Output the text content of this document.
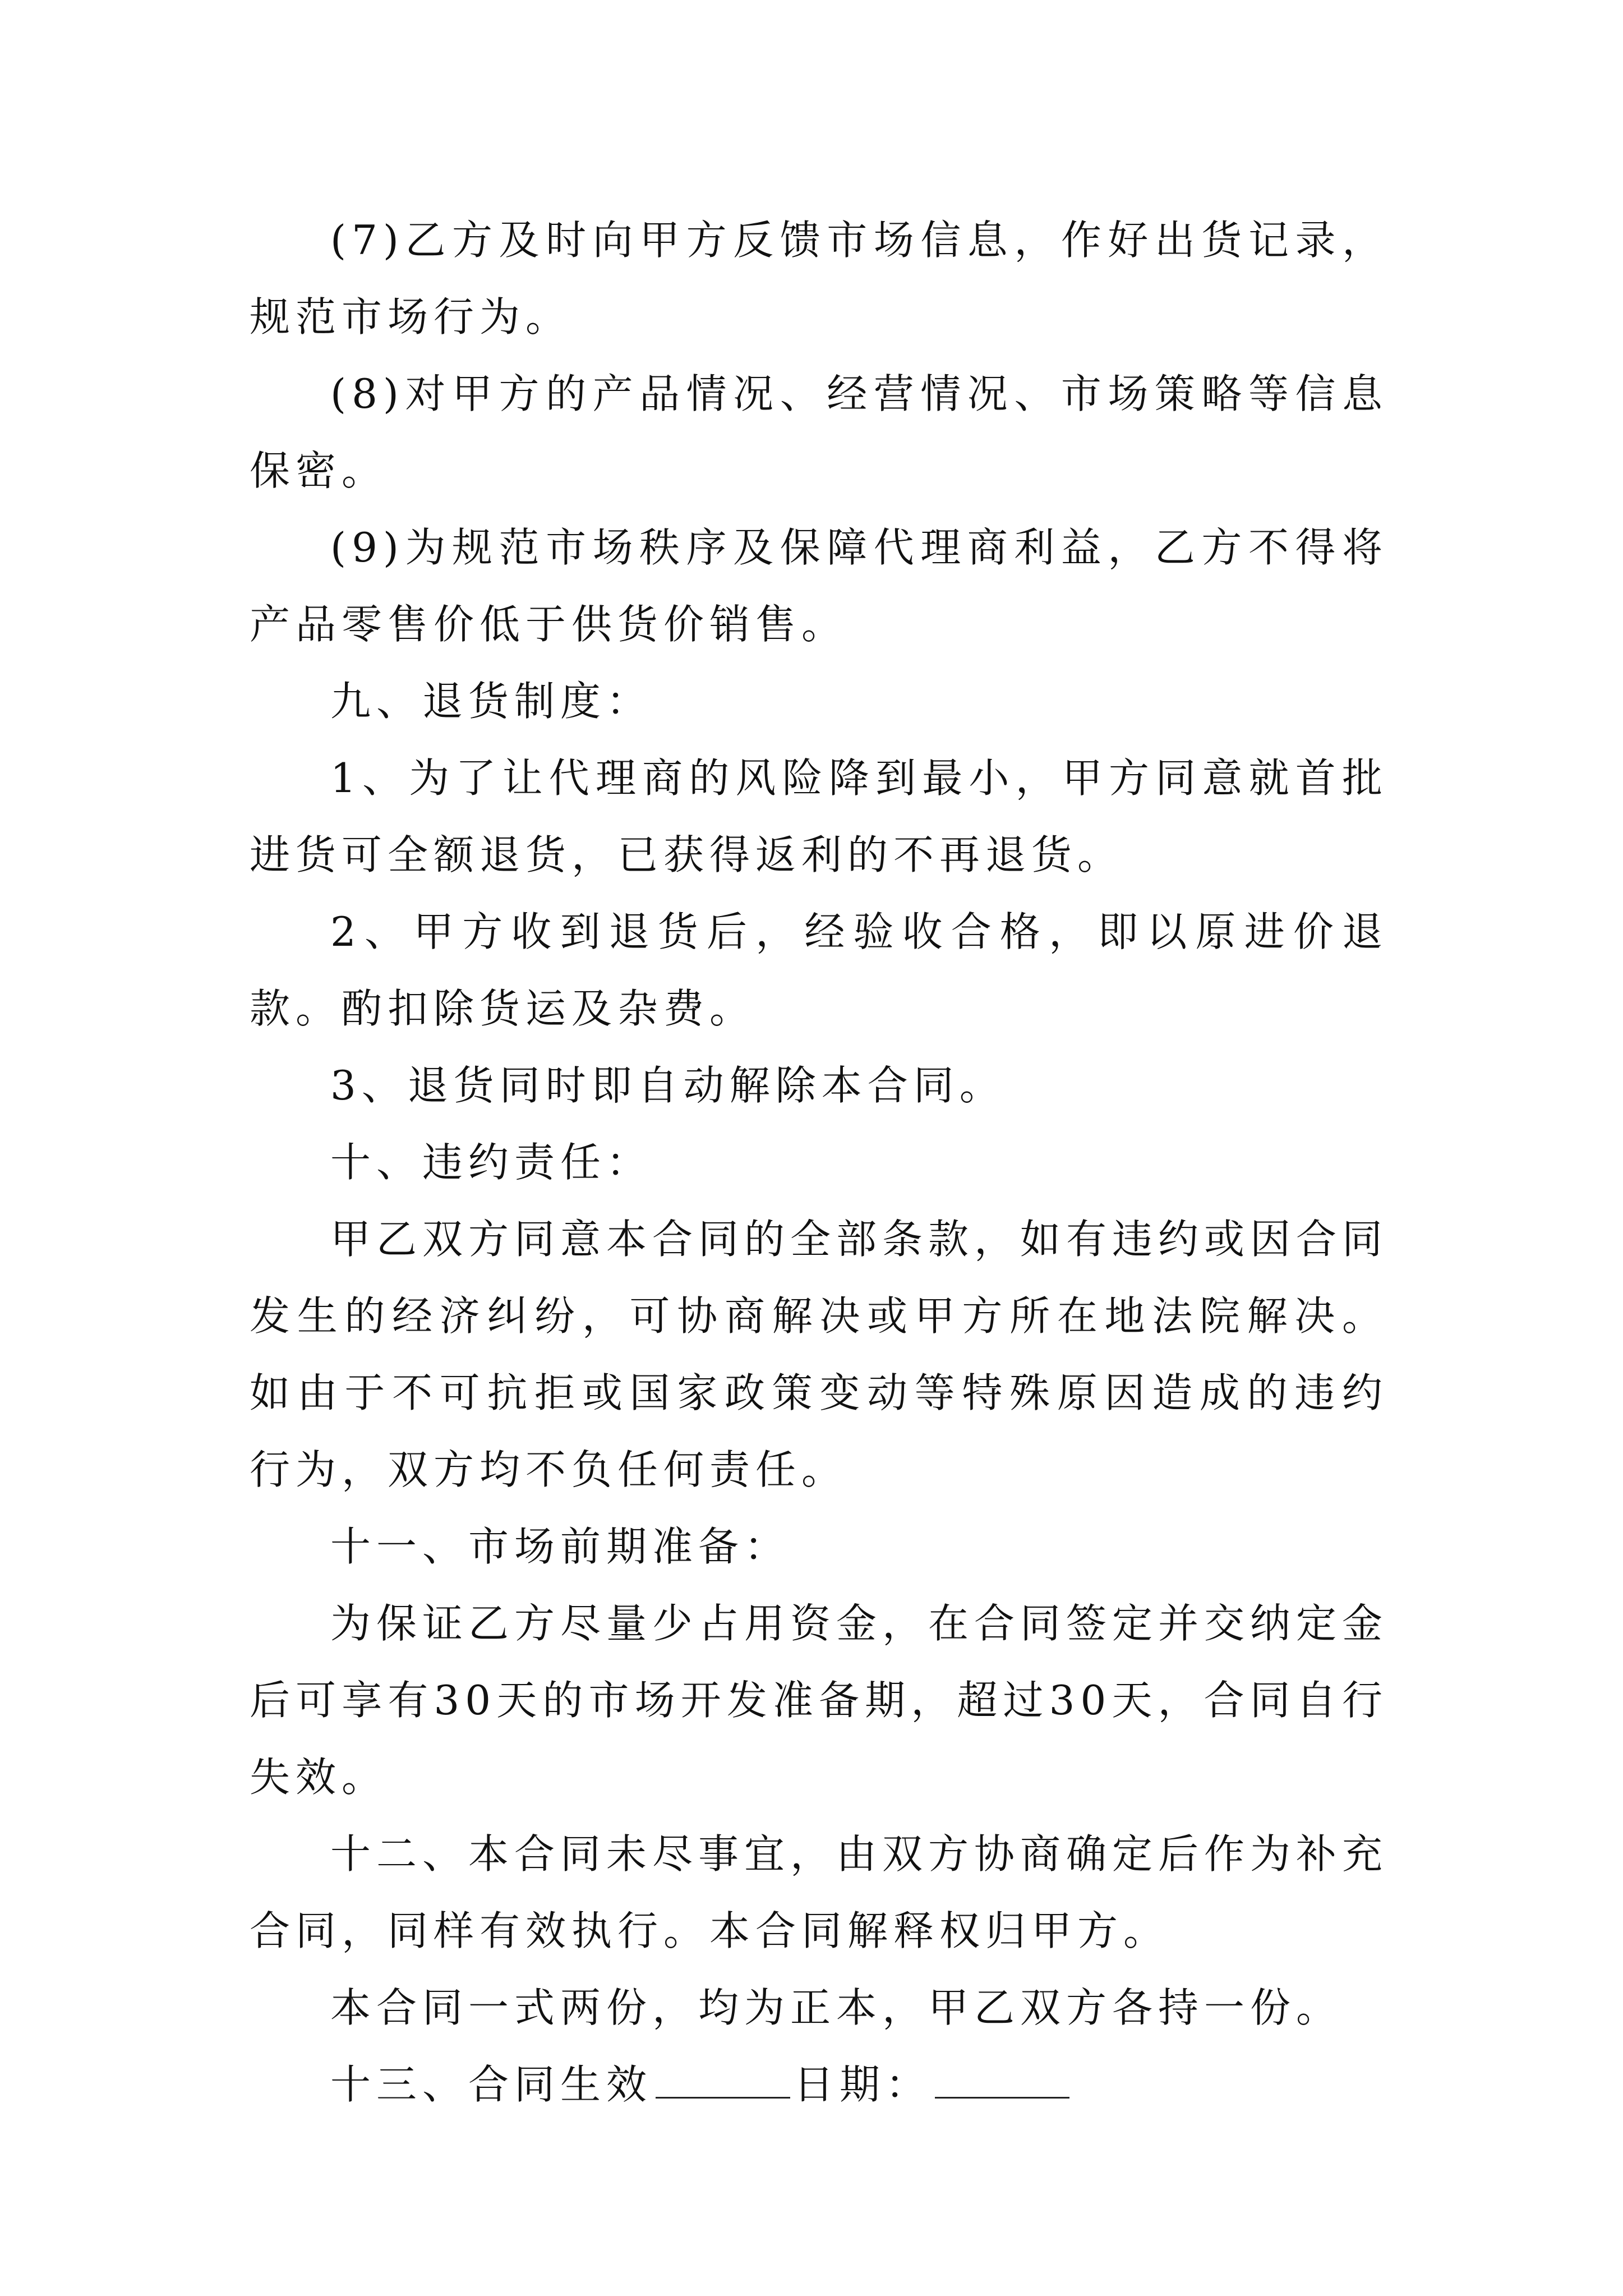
(7)乙方及时向甲方反馈市场信息，作好出货记录，规范市场行为。

(8)对甲方的产品情况、经营情况、市场策略等信息保密。

(9)为规范市场秩序及保障代理商利益，乙方不得将产品零售价低于供货价销售。

九、退货制度：

1、为了让代理商的风险降到最小，甲方同意就首批进货可全额退货，已获得返利的不再退货。

2、甲方收到退货后，经验收合格，即以原进价退款。酌扣除货运及杂费。

3、退货同时即自动解除本合同。

十、违约责任：

甲乙双方同意本合同的全部条款，如有违约或因合同发生的经济纠纷，可协商解决或甲方所在地法院解决。如由于不可抗拒或国家政策变动等特殊原因造成的违约行为，双方均不负任何责任。

十一、市场前期准备：

为保证乙方尽量少占用资金，在合同签定并交纳定金后可享有30天的市场开发准备期，超过30天，合同自行失效。

十二、本合同未尽事宜，由双方协商确定后作为补充合同，同样有效执行。本合同解释权归甲方。

本合同一式两份，均为正本，甲乙双方各持一份。

十三、合同生效	日期：
